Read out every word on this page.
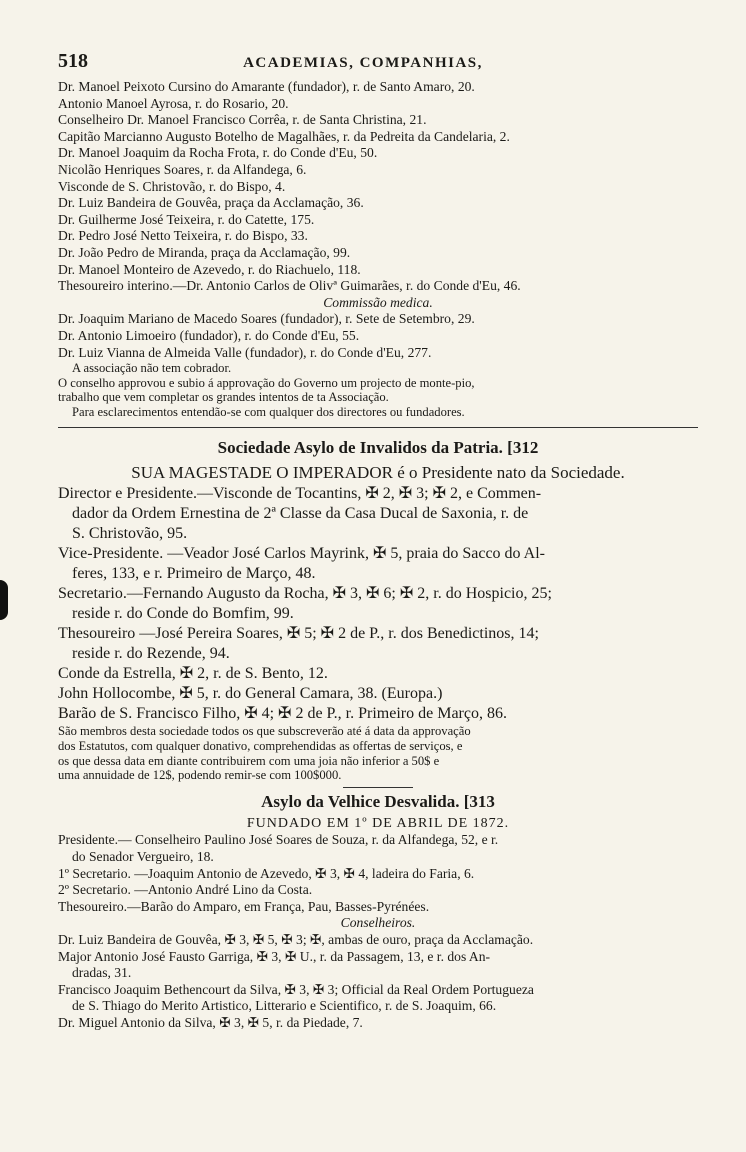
518	ACADEMIAS, COMPANHIAS,
Dr. Manoel Peixoto Cursino do Amarante (fundador), r. de Santo Amaro, 20.
Antonio Manoel Ayrosa, r. do Rosario, 20.
Conselheiro Dr. Manoel Francisco Corrêa, r. de Santa Christina, 21.
Capitão Marcianno Augusto Botelho de Magalhães, r. da Pedreita da Candelaria, 2.
Dr. Manoel Joaquim da Rocha Frota, r. do Conde d'Eu, 50.
Nicolão Henriques Soares, r. da Alfandega, 6.
Visconde de S. Christovão, r. do Bispo, 4.
Dr. Luiz Bandeira de Gouvêa, praça da Acclamação, 36.
Dr. Guilherme José Teixeira, r. do Catette, 175.
Dr. Pedro José Netto Teixeira, r. do Bispo, 33.
Dr. João Pedro de Miranda, praça da Acclamação, 99.
Dr. Manoel Monteiro de Azevedo, r. do Riachuelo, 118.
Thesoureiro interino.—Dr. Antonio Carlos de Olivª Guimarães, r. do Conde d'Eu, 46.
Commissão medica.
Dr. Joaquim Mariano de Macedo Soares (fundador), r. Sete de Setembro, 29.
Dr. Antonio Limoeiro (fundador), r. do Conde d'Eu, 55.
Dr. Luiz Vianna de Almeida Valle (fundador), r. do Conde d'Eu, 277.
A associação não tem cobrador.
O conselho approvou e subio á approvação do Governo um projecto de monte-pio,
trabalho que vem completar os grandes intentos de ta Associação.
Para esclarecimentos entendão-se com qualquer dos directores ou fundadores.
Sociedade Asylo de Invalidos da Patria. [312
SUA MAGESTADE O IMPERADOR é o Presidente nato da Sociedade.
Director e Presidente.—Visconde de Tocantins, ✠ 2, ✠ 3; ✠ 2, e Commen-
dador da Ordem Ernestina de 2ª Classe da Casa Ducal de Saxonia, r. de
S. Christovão, 95.
Vice-Presidente. —Veador José Carlos Mayrink, ✠ 5, praia do Sacco do Al-
feres, 133, e r. Primeiro de Março, 48.
Secretario.—Fernando Augusto da Rocha, ✠ 3, ✠ 6; ✠ 2, r. do Hospicio, 25;
reside r. do Conde do Bomfim, 99.
Thesoureiro —José Pereira Soares, ✠ 5; ✠ 2 de P., r. dos Benedictinos, 14;
reside r. do Rezende, 94.
Conde da Estrella, ✠ 2, r. de S. Bento, 12.
John Hollocombe, ✠ 5, r. do General Camara, 38. (Europa.)
Barão de S. Francisco Filho, ✠ 4; ✠ 2 de P., r. Primeiro de Março, 86.
São membros desta sociedade todos os que subscreverão até á data da approvação
dos Estatutos, com qualquer donativo, comprehendidas as offertas de serviços, e
os que dessa data em diante contribuirem com uma joia não inferior a 50$ e
uma annuidade de 12$, podendo remir-se com 100$000.
Asylo da Velhice Desvalida. [313
FUNDADO EM 1º DE ABRIL DE 1872.
Presidente.— Conselheiro Paulino José Soares de Souza, r. da Alfandega, 52, e r.
do Senador Vergueiro, 18.
1º Secretario. —Joaquim Antonio de Azevedo, ✠ 3, ✠ 4, ladeira do Faria, 6.
2º Secretario. —Antonio André Lino da Costa.
Thesoureiro.—Barão do Amparo, em França, Pau, Basses-Pyrénées.
Conselheiros.
Dr. Luiz Bandeira de Gouvêa, ✠ 3, ✠ 5, ✠ 3; ✠, ambas de ouro, praça da Acclamação.
Major Antonio José Fausto Garriga, ✠ 3, ✠ U., r. da Passagem, 13, e r. dos An-
dradas, 31.
Francisco Joaquim Bethencourt da Silva, ✠ 3, ✠ 3; Official da Real Ordem Portugueza
de S. Thiago do Merito Artistico, Litterario e Scientifico, r. de S. Joaquim, 66.
Dr. Miguel Antonio da Silva, ✠ 3, ✠ 5, r. da Piedade, 7.
